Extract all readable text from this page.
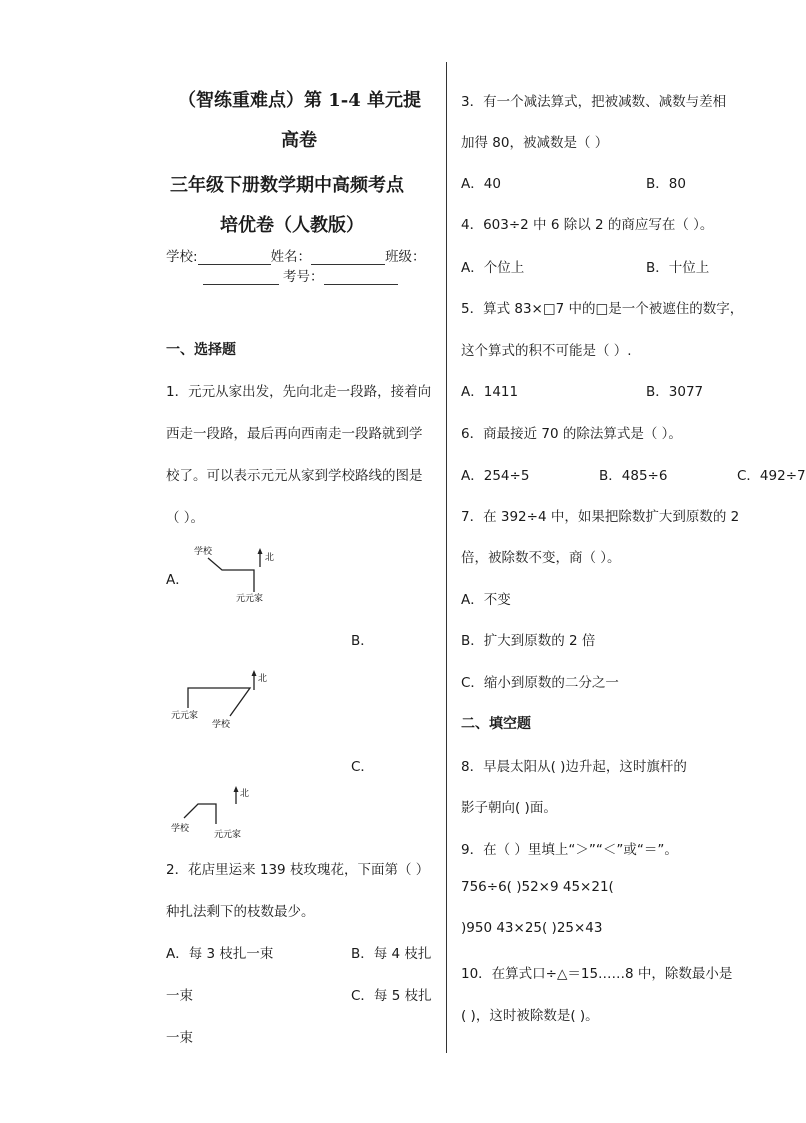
（智练重难点）第 1-4 单元提
高卷
三年级下册数学期中高频考点
培优卷（人教版）
学校:	姓名：	班级：
考号：
一、选择题
1．元元从家出发，先向北走一段路，接着向
西走一段路，最后再向西南走一段路就到学
校了。可以表示元元从家到学校路线的图是
（ ）。
A．
学校
北
元元家
B．
元元家
学校
北
C．
学校
元元家
北
2．花店里运来 139 枝玫瑰花，下面第（ ）
种扎法剩下的枝数最少。
A．每 3 枝扎一束	B．每 4 枝扎
一束	C．每 5 枝扎
一束
3．有一个减法算式，把被减数、减数与差相
加得 80，被减数是（ ）
A．40	B．80
4．603÷2 中 6 除以 2 的商应写在（ ）。
A．个位上	B．十位上
5．算式 83×□7 中的□是一个被遮住的数字，
这个算式的积不可能是（ ）.
A．1411	B．3077
6．商最接近 70 的除法算式是（ ）。
A．254÷5	B．485÷6	C．492÷7
7．在 392÷4 中，如果把除数扩大到原数的 2
倍，被除数不变，商（ ）。
A．不变
B．扩大到原数的 2 倍
C．缩小到原数的二分之一
二、填空题
8．早晨太阳从( )边升起，这时旗杆的
影子朝向( )面。
9．在（ ）里填上“＞”“＜”或“＝”。
756÷6( )52×9 45×21(
)950 43×25( )25×43
10．在算式口÷△＝15……8 中，除数最小是
( )，这时被除数是( )。
